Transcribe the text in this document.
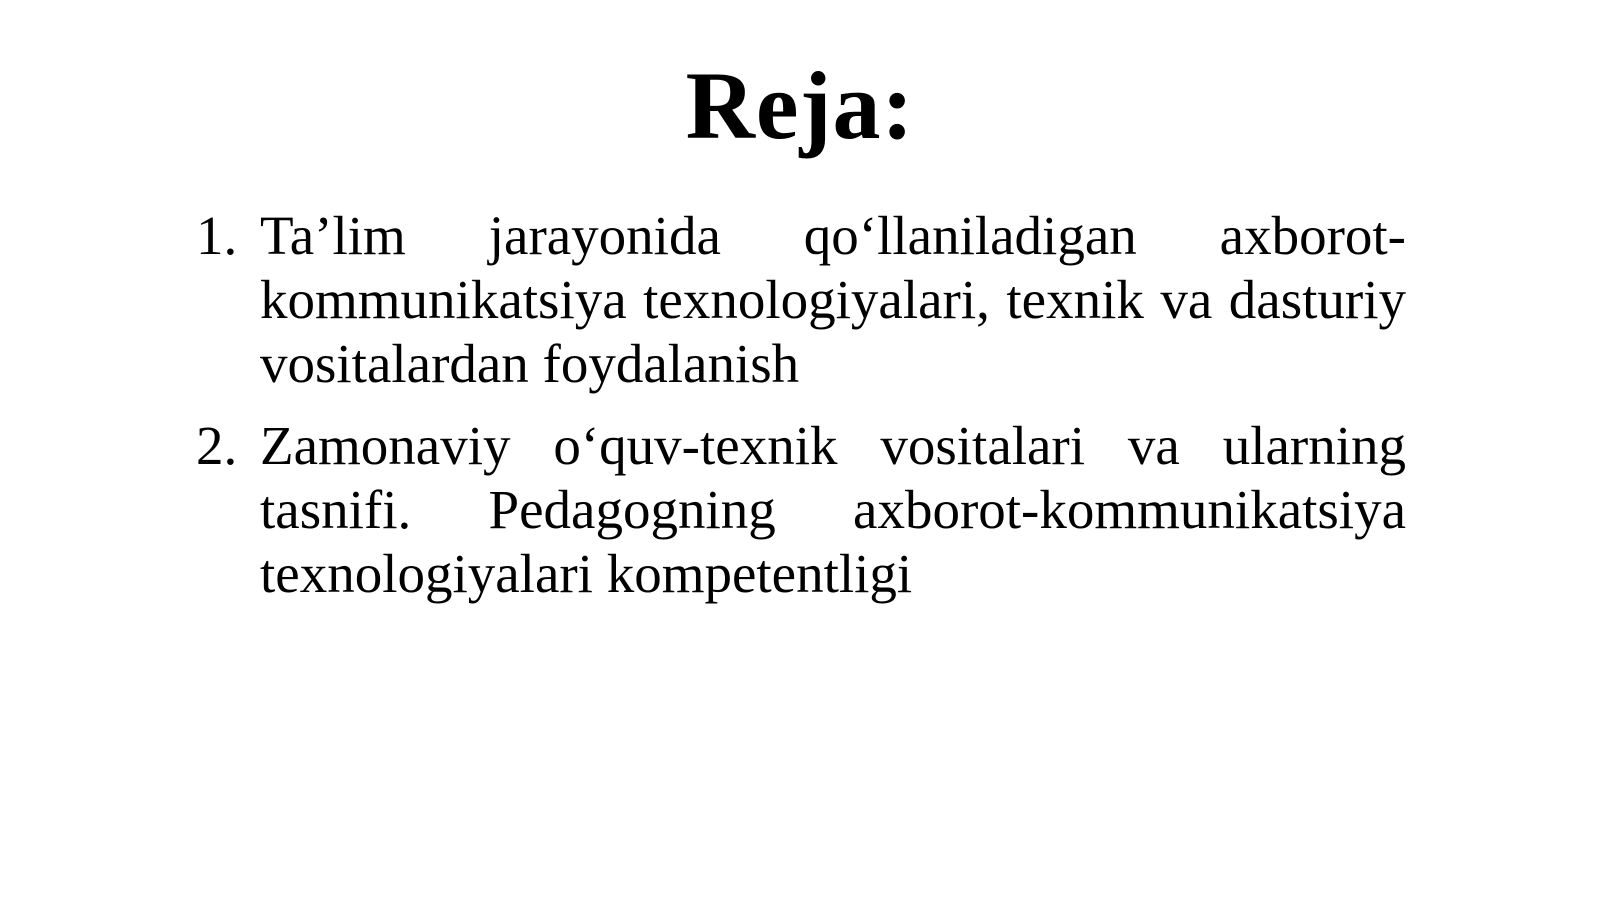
Reja:
1. Ta’lim jarayonida qo‘llaniladigan axborot-kommunikatsiya texnologiyalari, texnik va dasturiy vositalardan foydalanish
2. Zamonaviy o‘quv-texnik vositalari va ularning tasnifi. Pedagogning axborot-kommunikatsiya texnologiyalari kompetentligi
